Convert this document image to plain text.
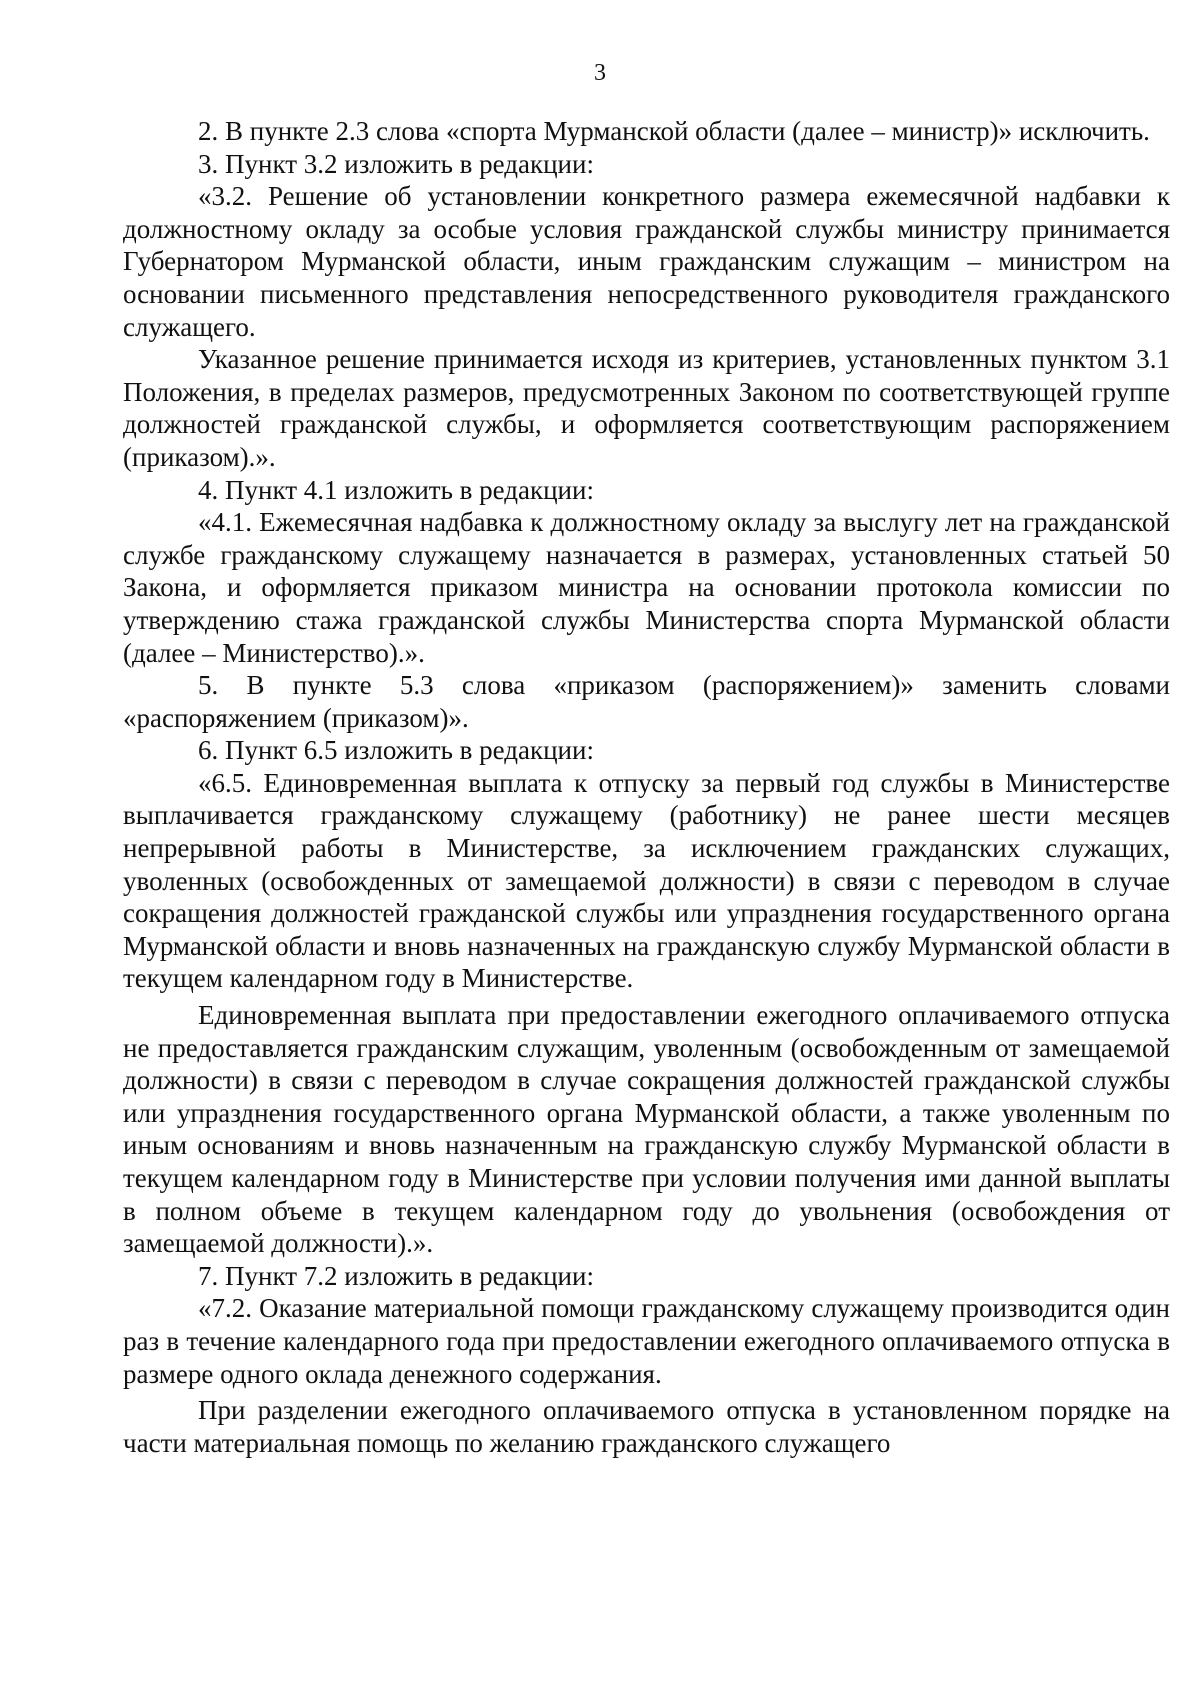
3

2. В пункте 2.3 слова «спорта Мурманской области (далее – министр)» исключить.

3. Пункт 3.2 изложить в редакции:

«3.2. Решение об установлении конкретного размера ежемесячной надбавки к должностному окладу за особые условия гражданской службы министру принимается Губернатором Мурманской области, иным гражданским служащим – министром на основании письменного представления непосредственного руководителя гражданского служащего.

Указанное решение принимается исходя из критериев, установленных пунктом 3.1 Положения, в пределах размеров, предусмотренных Законом по соответствующей группе должностей гражданской службы, и оформляется соответствующим распоряжением (приказом).».

4. Пункт 4.1 изложить в редакции:

«4.1. Ежемесячная надбавка к должностному окладу за выслугу лет на гражданской службе гражданскому служащему назначается в размерах, установленных статьей 50 Закона, и оформляется приказом министра на основании протокола комиссии по утверждению стажа гражданской службы Министерства спорта Мурманской области (далее – Министерство).».

5. В пункте 5.3 слова «приказом (распоряжением)» заменить словами «распоряжением (приказом)».

6. Пункт 6.5 изложить в редакции:

«6.5. Единовременная выплата к отпуску за первый год службы в Министерстве выплачивается гражданскому служащему (работнику) не ранее шести месяцев непрерывной работы в Министерстве, за исключением гражданских служащих, уволенных (освобожденных от замещаемой должности) в связи с переводом в случае сокращения должностей гражданской службы или упразднения государственного органа Мурманской области и вновь назначенных на гражданскую службу Мурманской области в текущем календарном году в Министерстве.

Единовременная выплата при предоставлении ежегодного оплачиваемого отпуска не предоставляется гражданским служащим, уволенным (освобожденным от замещаемой должности) в связи с переводом в случае сокращения должностей гражданской службы или упразднения государственного органа Мурманской области, а также уволенным по иным основаниям и вновь назначенным на гражданскую службу Мурманской области в текущем календарном году в Министерстве при условии получения ими данной выплаты в полном объеме в текущем календарном году до увольнения (освобождения от замещаемой должности).».

7. Пункт 7.2 изложить в редакции:

«7.2. Оказание материальной помощи гражданскому служащему производится один раз в течение календарного года при предоставлении ежегодного оплачиваемого отпуска в размере одного оклада денежного содержания.

При разделении ежегодного оплачиваемого отпуска в установленном порядке на части материальная помощь по желанию гражданского служащего
